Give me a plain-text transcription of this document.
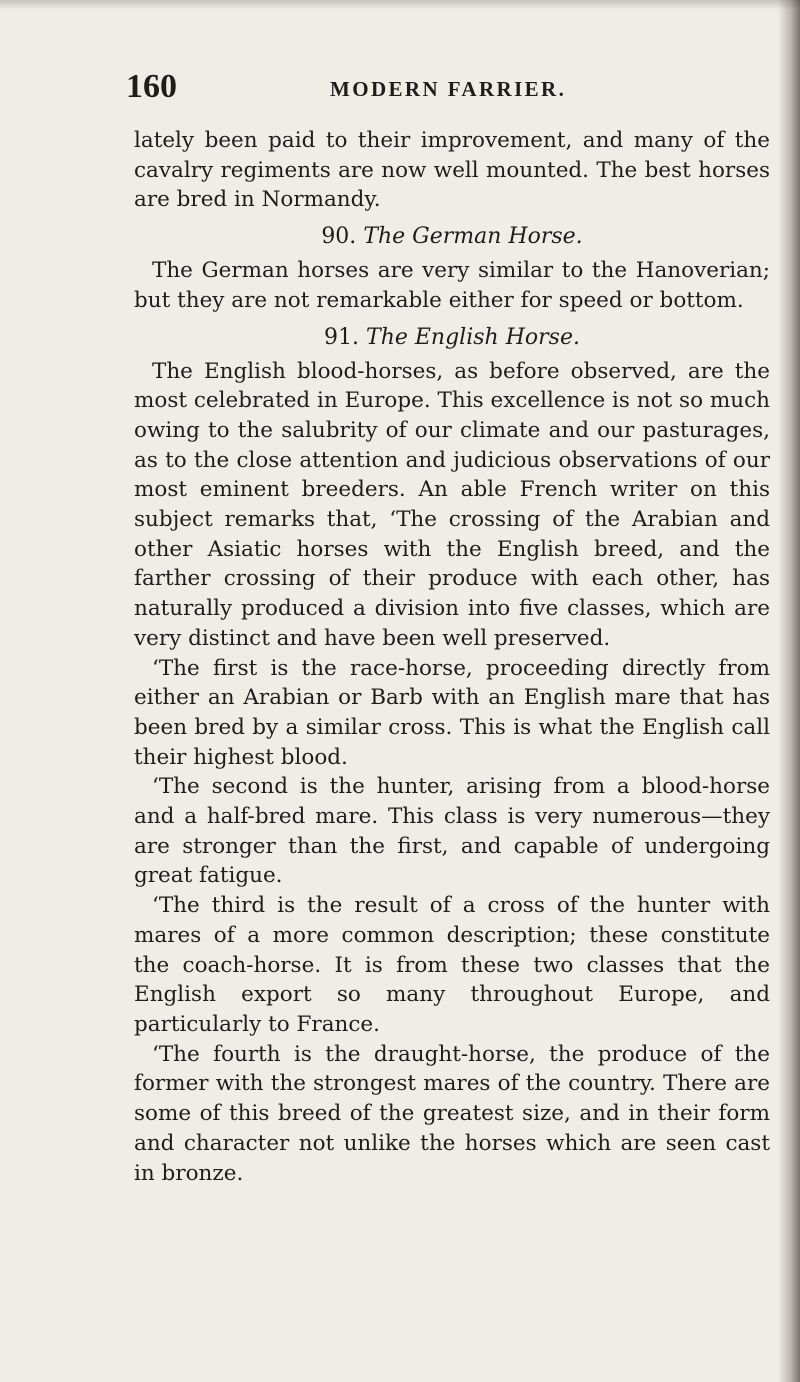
160	MODERN FARRIER.

lately been paid to their improvement, and many of the cavalry regiments are now well mounted. The best horses are bred in Normandy.

90. The German Horse.

The German horses are very similar to the Hanoverian; but they are not remarkable either for speed or bottom.

91. The English Horse.

The English blood-horses, as before observed, are the most celebrated in Europe. This excellence is not so much owing to the salubrity of our climate and our pasturages, as to the close attention and judicious observations of our most eminent breeders. An able French writer on this subject remarks that, ‘The crossing of the Arabian and other Asiatic horses with the English breed, and the farther crossing of their produce with each other, has naturally produced a division into five classes, which are very distinct and have been well preserved.

‘The first is the race-horse, proceeding directly from either an Arabian or Barb with an English mare that has been bred by a similar cross. This is what the English call their highest blood.

‘The second is the hunter, arising from a blood-horse and a half-bred mare. This class is very numerous—they are stronger than the first, and capable of undergoing great fatigue.

‘The third is the result of a cross of the hunter with mares of a more common description; these constitute the coach-horse. It is from these two classes that the English export so many throughout Europe, and particularly to France.

‘The fourth is the draught-horse, the produce of the former with the strongest mares of the country. There are some of this breed of the greatest size, and in their form and character not unlike the horses which are seen cast in bronze.
